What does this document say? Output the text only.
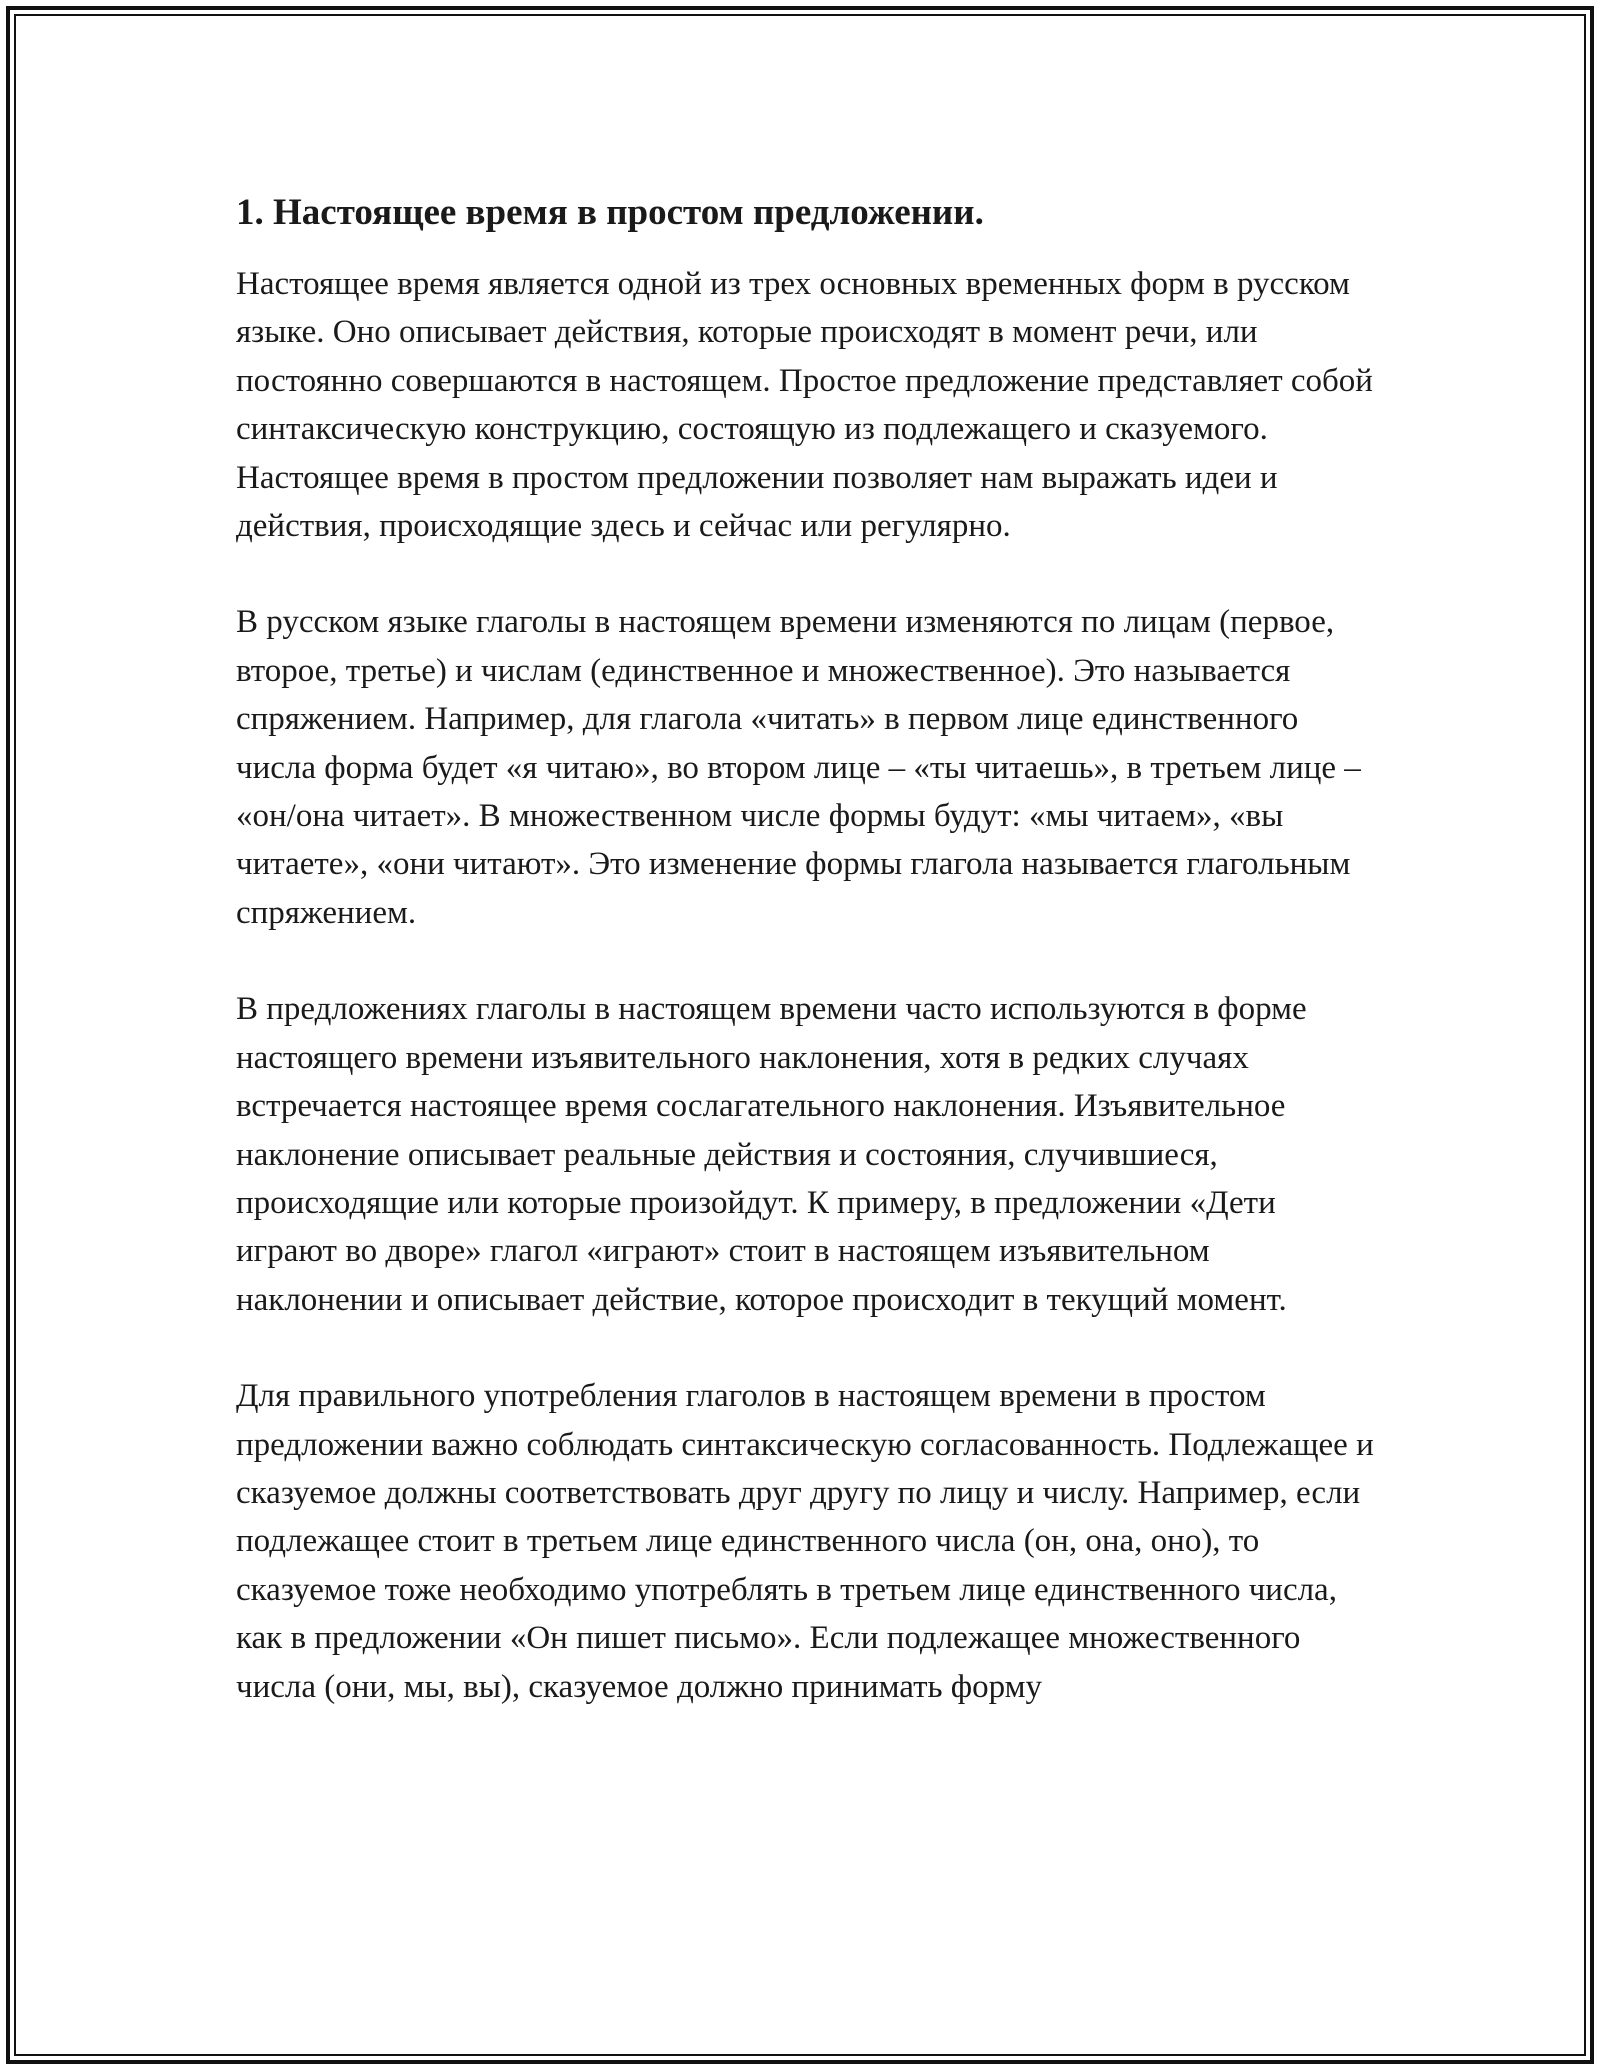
1. Настоящее время в простом предложении.

Настоящее время является одной из трех основных временных форм в русском языке. Оно описывает действия, которые происходят в момент речи, или постоянно совершаются в настоящем. Простое предложение представляет собой синтаксическую конструкцию, состоящую из подлежащего и сказуемого. Настоящее время в простом предложении позволяет нам выражать идеи и действия, происходящие здесь и сейчас или регулярно.

В русском языке глаголы в настоящем времени изменяются по лицам (первое, второе, третье) и числам (единственное и множественное). Это называется спряжением. Например, для глагола «читать» в первом лице единственного числа форма будет «я читаю», во втором лице – «ты читаешь», в третьем лице – «он/она читает». В множественном числе формы будут: «мы читаем», «вы читаете», «они читают». Это изменение формы глагола называется глагольным спряжением.

В предложениях глаголы в настоящем времени часто используются в форме настоящего времени изъявительного наклонения, хотя в редких случаях встречается настоящее время сослагательного наклонения. Изъявительное наклонение описывает реальные действия и состояния, случившиеся, происходящие или которые произойдут. К примеру, в предложении «Дети играют во дворе» глагол «играют» стоит в настоящем изъявительном наклонении и описывает действие, которое происходит в текущий момент.

Для правильного употребления глаголов в настоящем времени в простом предложении важно соблюдать синтаксическую согласованность. Подлежащее и сказуемое должны соответствовать друг другу по лицу и числу. Например, если подлежащее стоит в третьем лице единственного числа (он, она, оно), то сказуемое тоже необходимо употреблять в третьем лице единственного числа, как в предложении «Он пишет письмо». Если подлежащее множественного числа (они, мы, вы), сказуемое должно принимать форму
